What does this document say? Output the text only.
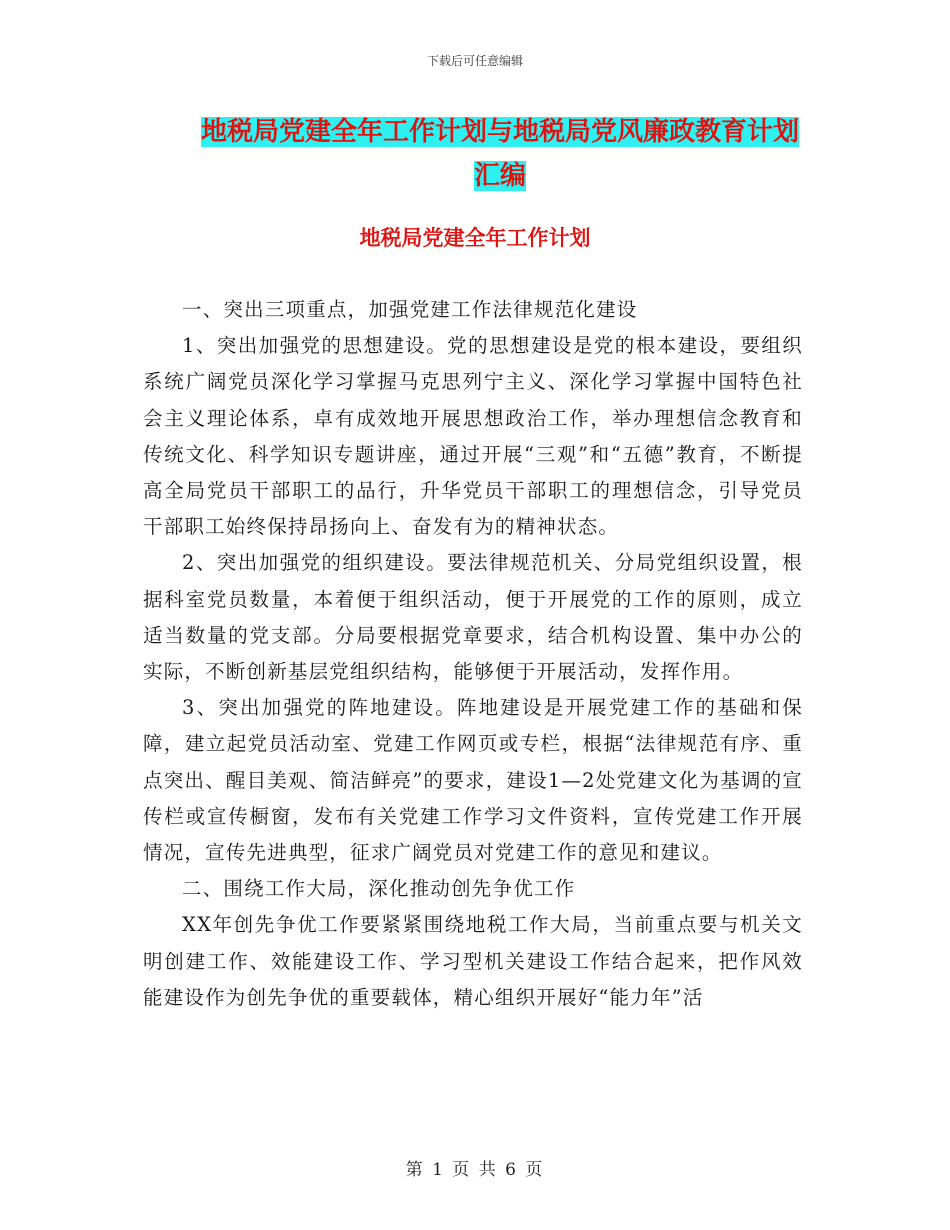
下载后可任意编辑
地税局党建全年工作计划与地税局党风廉政教育计划
汇编
地税局党建全年工作计划

一、突出三项重点，加强党建工作法律规范化建设

1、突出加强党的思想建设。党的思想建设是党的根本建设，要组织系统广阔党员深化学习掌握马克思列宁主义、深化学习掌握中国特色社会主义理论体系，卓有成效地开展思想政治工作，举办理想信念教育和传统文化、科学知识专题讲座，通过开展“三观”和“五德”教育，不断提高全局党员干部职工的品行，升华党员干部职工的理想信念，引导党员干部职工始终保持昂扬向上、奋发有为的精神状态。

2、突出加强党的组织建设。要法律规范机关、分局党组织设置，根据科室党员数量，本着便于组织活动，便于开展党的工作的原则，成立适当数量的党支部。分局要根据党章要求，结合机构设置、集中办公的实际，不断创新基层党组织结构，能够便于开展活动，发挥作用。

3、突出加强党的阵地建设。阵地建设是开展党建工作的基础和保障，建立起党员活动室、党建工作网页或专栏，根据“法律规范有序、重点突出、醒目美观、简洁鲜亮”的要求，建设1—2处党建文化为基调的宣传栏或宣传橱窗，发布有关党建工作学习文件资料，宣传党建工作开展情况，宣传先进典型，征求广阔党员对党建工作的意见和建议。

二、围绕工作大局，深化推动创先争优工作

XX年创先争优工作要紧紧围绕地税工作大局，当前重点要与机关文明创建工作、效能建设工作、学习型机关建设工作结合起来，把作风效能建设作为创先争优的重要载体，精心组织开展好“能力年”活

第 1 页 共 6 页
